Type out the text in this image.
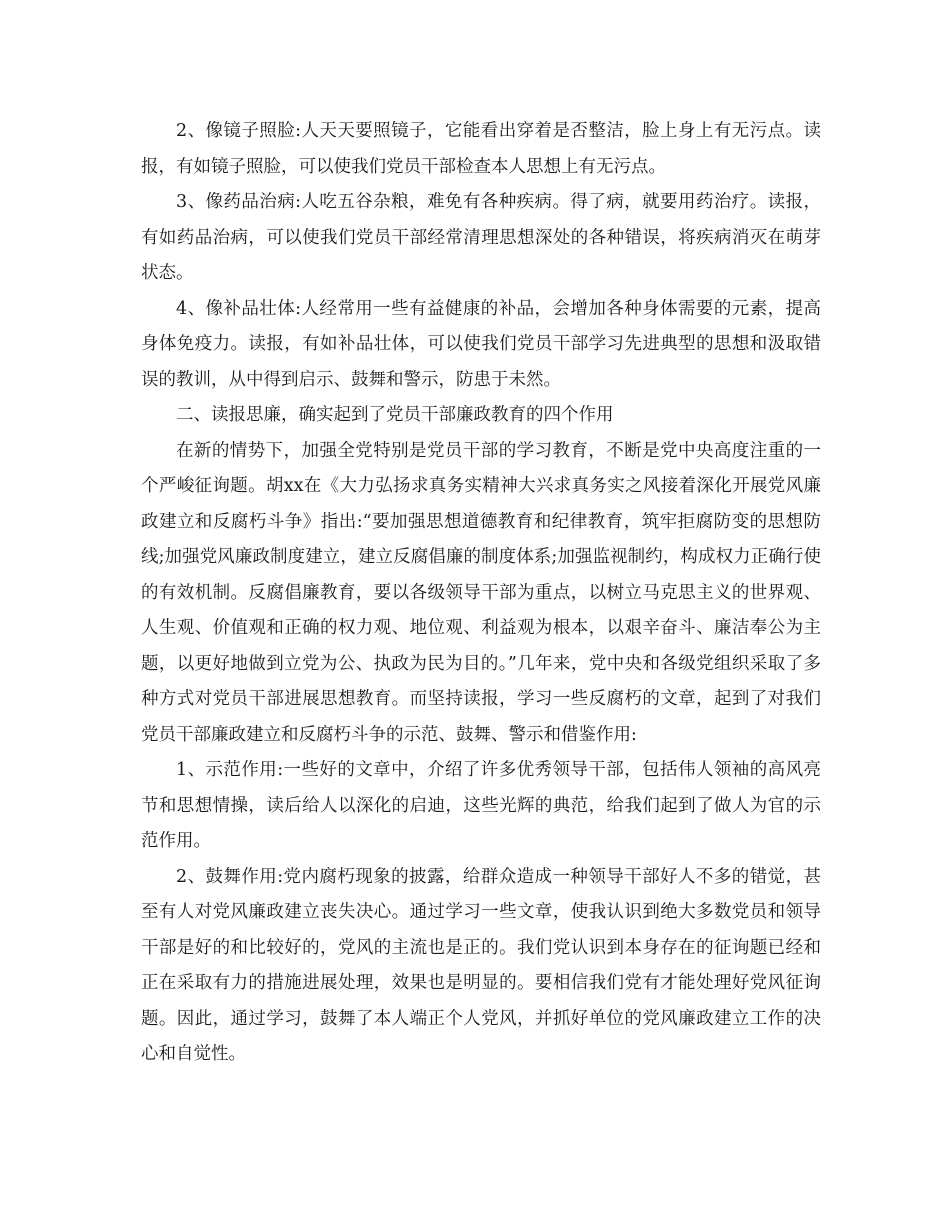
2、像镜子照脸:人天天要照镜子，它能看出穿着是否整洁，脸上身上有无污点。读报，有如镜子照脸，可以使我们党员干部检查本人思想上有无污点。

3、像药品治病:人吃五谷杂粮，难免有各种疾病。得了病，就要用药治疗。读报，有如药品治病，可以使我们党员干部经常清理思想深处的各种错误，将疾病消灭在萌芽状态。

4、像补品壮体:人经常用一些有益健康的补品，会增加各种身体需要的元素，提高身体免疫力。读报，有如补品壮体，可以使我们党员干部学习先进典型的思想和汲取错误的教训，从中得到启示、鼓舞和警示，防患于未然。

二、读报思廉，确实起到了党员干部廉政教育的四个作用

在新的情势下，加强全党特别是党员干部的学习教育，不断是党中央高度注重的一个严峻征询题。胡xx在《大力弘扬求真务实精神大兴求真务实之风接着深化开展党风廉政建立和反腐朽斗争》指出:“要加强思想道德教育和纪律教育，筑牢拒腐防变的思想防线;加强党风廉政制度建立，建立反腐倡廉的制度体系;加强监视制约，构成权力正确行使的有效机制。反腐倡廉教育，要以各级领导干部为重点，以树立马克思主义的世界观、人生观、价值观和正确的权力观、地位观、利益观为根本，以艰辛奋斗、廉洁奉公为主题，以更好地做到立党为公、执政为民为目的。”几年来，党中央和各级党组织采取了多种方式对党员干部进展思想教育。而坚持读报，学习一些反腐朽的文章，起到了对我们党员干部廉政建立和反腐朽斗争的示范、鼓舞、警示和借鉴作用:

1、示范作用:一些好的文章中，介绍了许多优秀领导干部，包括伟人领袖的高风亮节和思想情操，读后给人以深化的启迪，这些光辉的典范，给我们起到了做人为官的示范作用。

2、鼓舞作用:党内腐朽现象的披露，给群众造成一种领导干部好人不多的错觉，甚至有人对党风廉政建立丧失决心。通过学习一些文章，使我认识到绝大多数党员和领导干部是好的和比较好的，党风的主流也是正的。我们党认识到本身存在的征询题已经和正在采取有力的措施进展处理，效果也是明显的。要相信我们党有才能处理好党风征询题。因此，通过学习，鼓舞了本人端正个人党风，并抓好单位的党风廉政建立工作的决心和自觉性。
